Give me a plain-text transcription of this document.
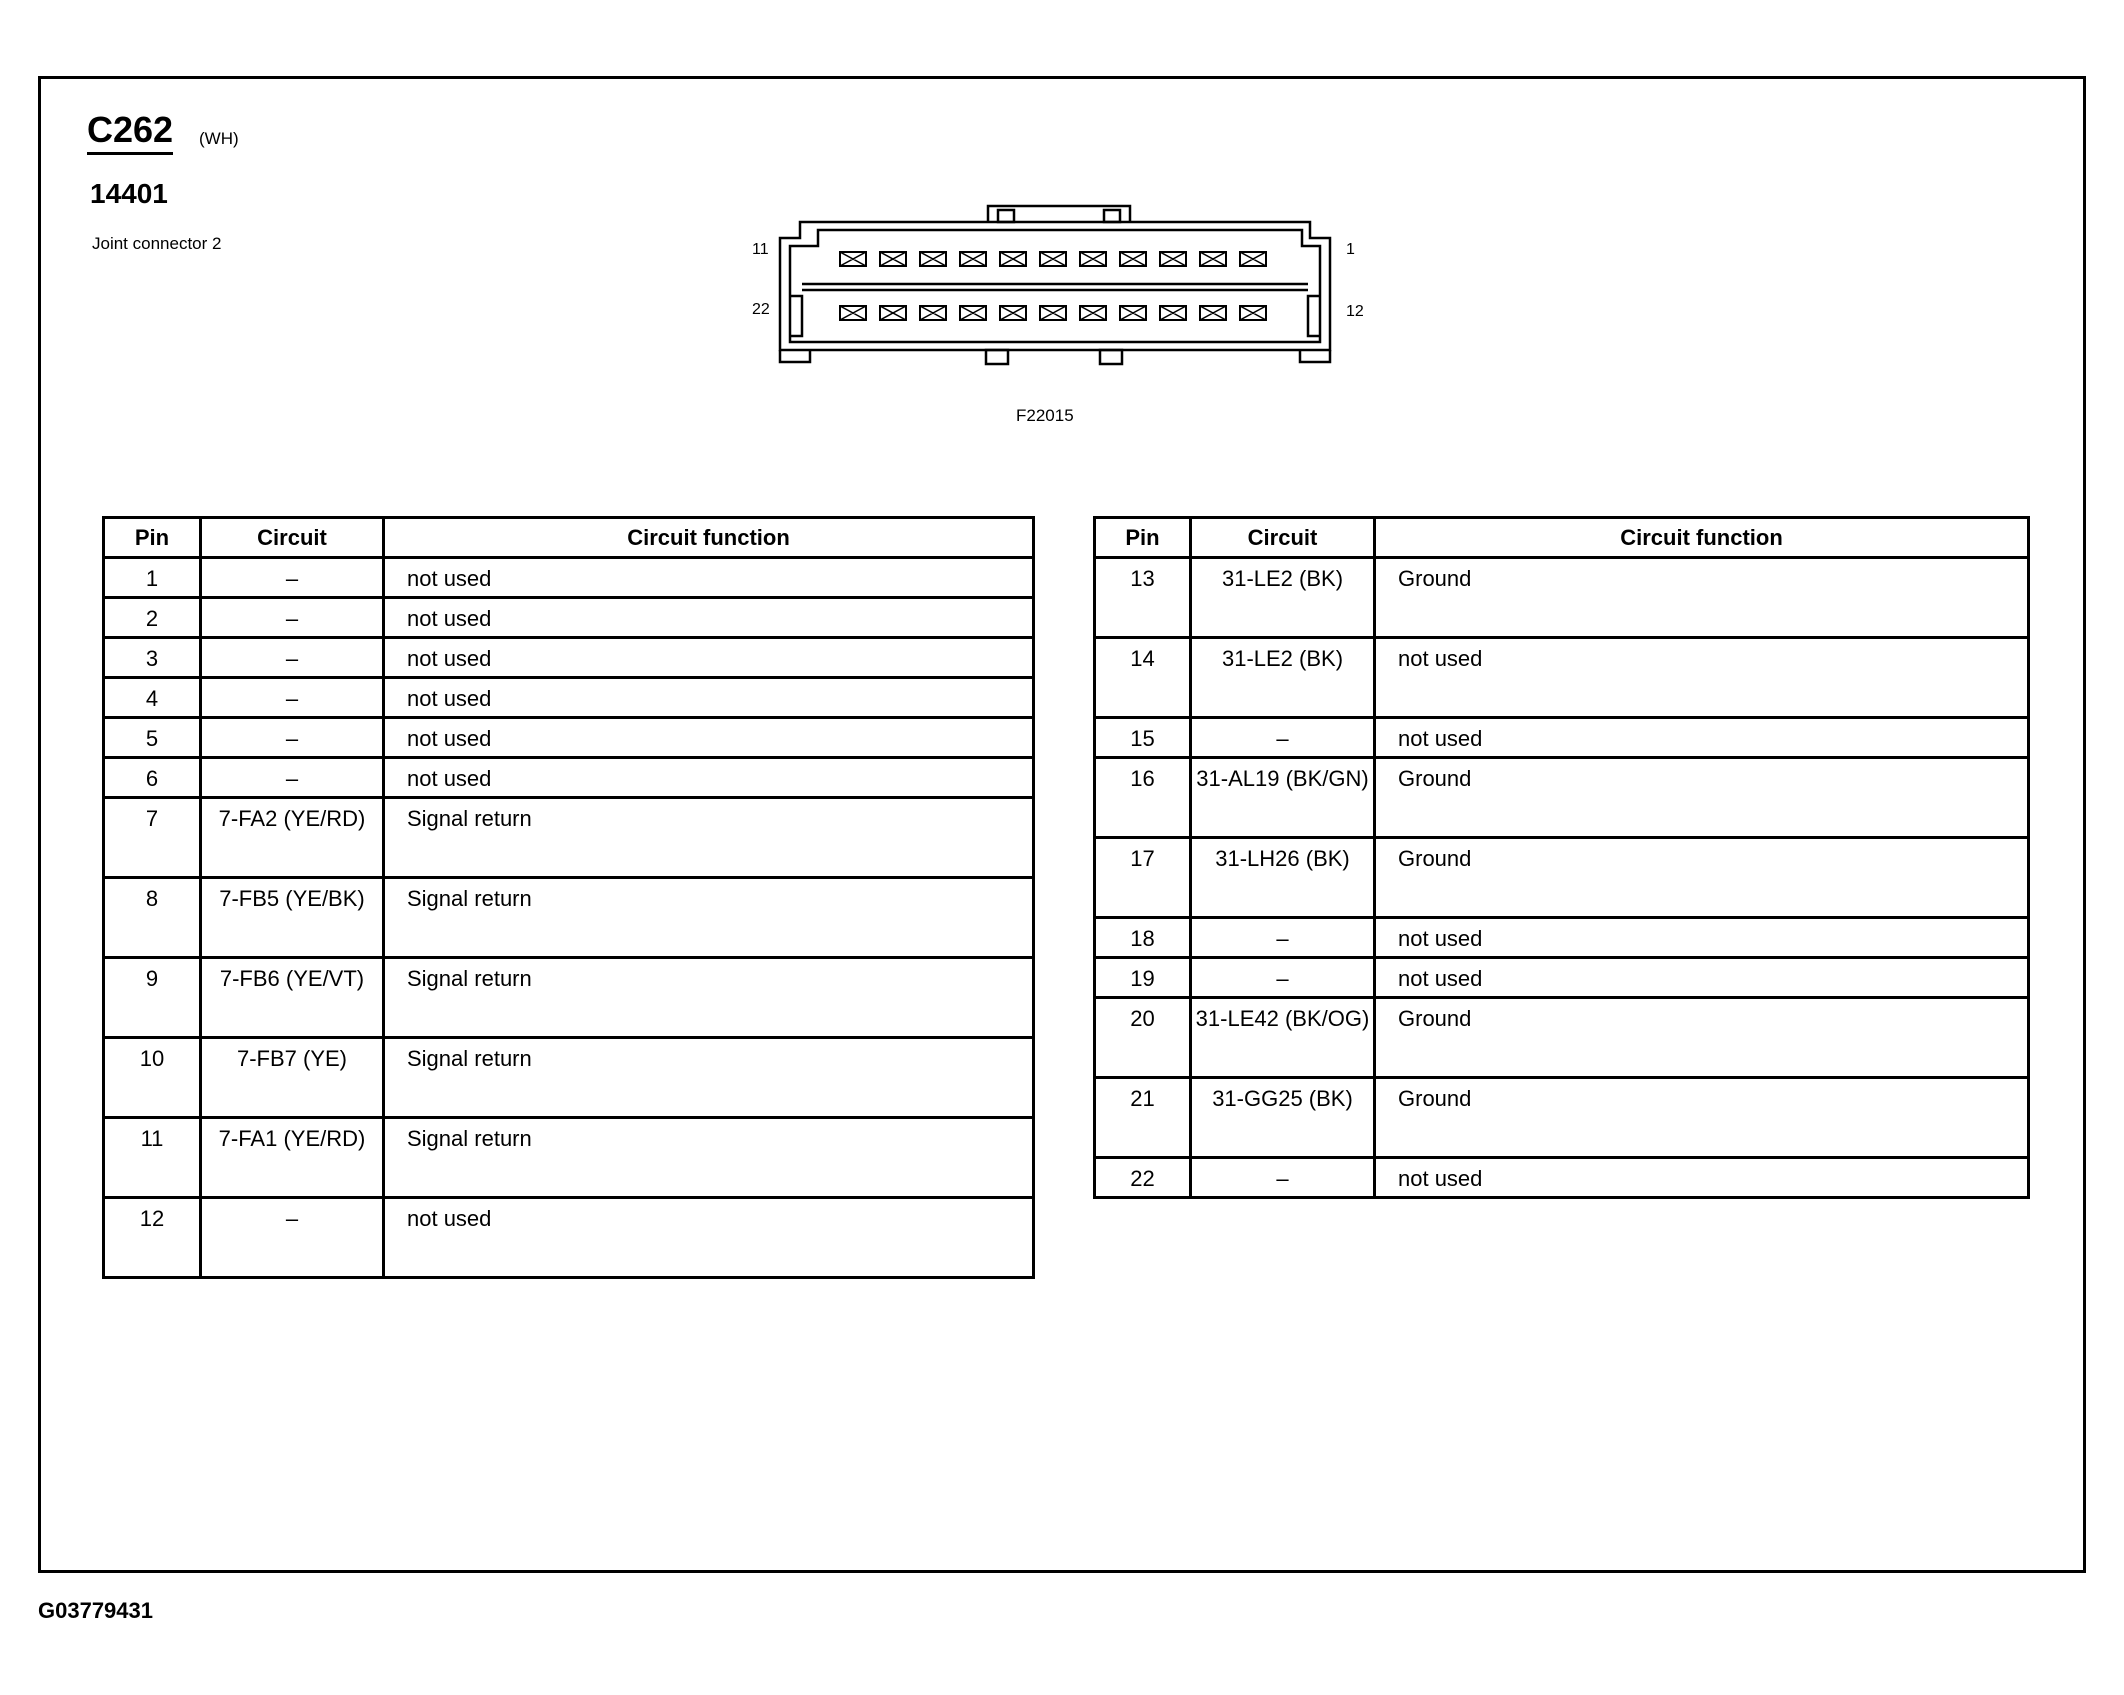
C262 (WH)
14401
Joint connector 2	11	1
22	12
F22015
Pin	Circuit	Circuit function
1	–	not used
2	–	not used
3	–	not used
4	–	not used
5	–	not used
6	–	not used
7	7-FA2 (YE/RD)	Signal return
8	7-FB5 (YE/BK)	Signal return
9	7-FB6 (YE/VT)	Signal return
10	7-FB7 (YE)	Signal return
11	7-FA1 (YE/RD)	Signal return
12	–	not used
Pin	Circuit	Circuit function
13	31-LE2 (BK)	Ground
14	31-LE2 (BK)	not used
15	–	not used
16	31-AL19 (BK/GN)	Ground
17	31-LH26 (BK)	Ground
18	–	not used
19	–	not used
20	31-LE42 (BK/OG)	Ground
21	31-GG25 (BK)	Ground
22	–	not used
G03779431
